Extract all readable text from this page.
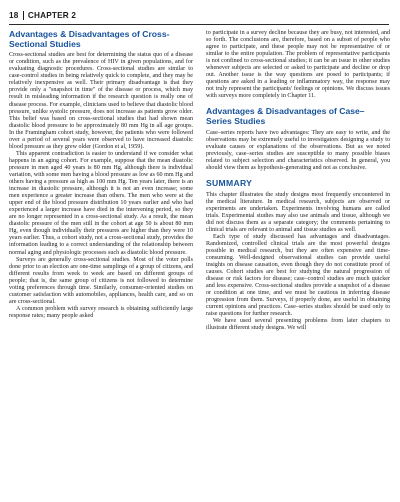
18 CHAPTER 2
Advantages & Disadvantages of Cross-Sectional Studies

Cross-sectional studies are best for determining the status quo of a disease or condition, such as the prevalence of HIV in given populations, and for evaluating diagnostic procedures. Cross-sectional studies are similar to case-control studies in being relatively quick to complete, and they may be relatively inexpensive as well. Their primary disadvantage is that they provide only a "snapshot in time" of the disease or process, which may result in misleading information if the research question is really one of disease process. For example, clinicians used to believe that diastolic blood pressure, unlike systolic pressure, does not increase as patients grow older. This belief was based on cross-sectional studies that had shown mean diastolic blood pressure to be approximately 80 mm Hg in all age groups. In the Framingham cohort study, however, the patients who were followed over a period of several years were observed to have increased diastolic blood pressure as they grew older (Gordon et al, 1959).

This apparent contradiction is easier to understand if we consider what happens in an aging cohort. For example, suppose that the mean diastolic pressure in men aged 40 years is 80 mm Hg, although there is individual variation, with some men having a blood pressure as low as 60 mm Hg and others having a pressure as high as 100 mm Hg. Ten years later, there is an increase in diastolic pressure, although it is not an even increase; some men experience a greater increase than others. The men who were at the upper end of the blood pressure distribution 10 years earlier and who had experienced a larger increase have died in the intervening period, so they are no longer represented in a cross-sectional study. As a result, the mean diastolic pressure of the men still in the cohort at age 50 is about 80 mm Hg, even though individually their pressures are higher than they were 10 years earlier. Thus, a cohort study, not a cross-sectional study, provides the information leading to a correct understanding of the relationship between normal aging and physiologic processes such as diastolic blood pressure.

Surveys are generally cross-sectional studies. Most of the voter polls done prior to an election are one-time samplings of a group of citizens, and different results from week to week are based on different groups of people; that is, the same group of citizens is not followed to determine voting preferences through time. Similarly, consumer-oriented studies on customer satisfaction with automobiles, appliances, health care, and so on are cross-sectional.

A common problem with survey research is obtaining sufficiently large response rates; many people asked

to participate in a survey decline because they are busy, not interested, and so forth. The conclusions are, therefore, based on a subset of people who agree to participate, and these people may not be representative of or similar to the entire population. The problem of representative participants is not confined to cross-sectional studies; it can be an issue in other studies whenever subjects are selected or asked to participate and decline or drop out. Another issue is the way questions are posed to participants; if questions are asked in a leading or inflammatory way, the response may not truly represent the participants' feelings or opinions. We discuss issues with surveys more completely in Chapter 11.

Advantages & Disadvantages of Case–Series Studies

Case–series reports have two advantages: They are easy to write, and the observations may be extremely useful to investigators designing a study to evaluate causes or explanations of the observations. But as we noted previously, case–series studies are susceptible to many possible biases related to subject selection and characteristics observed. In general, you should view them as hypothesis-generating and not as conclusive.

SUMMARY

This chapter illustrates the study designs most frequently encountered in the medical literature. In medical research, subjects are observed or experiments are undertaken. Experiments involving humans are called trials. Experimental studies may also use animals and tissue, although we did not discuss them as a separate category; the comments pertaining to clinical trials are relevant to animal and tissue studies as well.

Each type of study discussed has advantages and disadvantages. Randomized, controlled clinical trials are the most powerful designs possible in medical research, but they are often expensive and time-consuming. Well-designed observational studies can provide useful insights on disease causation, even though they do not constitute proof of causes. Cohort studies are best for studying the natural progression of disease or risk factors for disease; case–control studies are much quicker and less expensive. Cross-sectional studies provide a snapshot of a disease or condition at one time, and we must be cautious in inferring disease progression from them. Surveys, if properly done, are useful in obtaining current opinions and practices. Case–series studies should be used only to raise questions for further research.

We have used several presenting problems from later chapters to illustrate different study designs. We will
